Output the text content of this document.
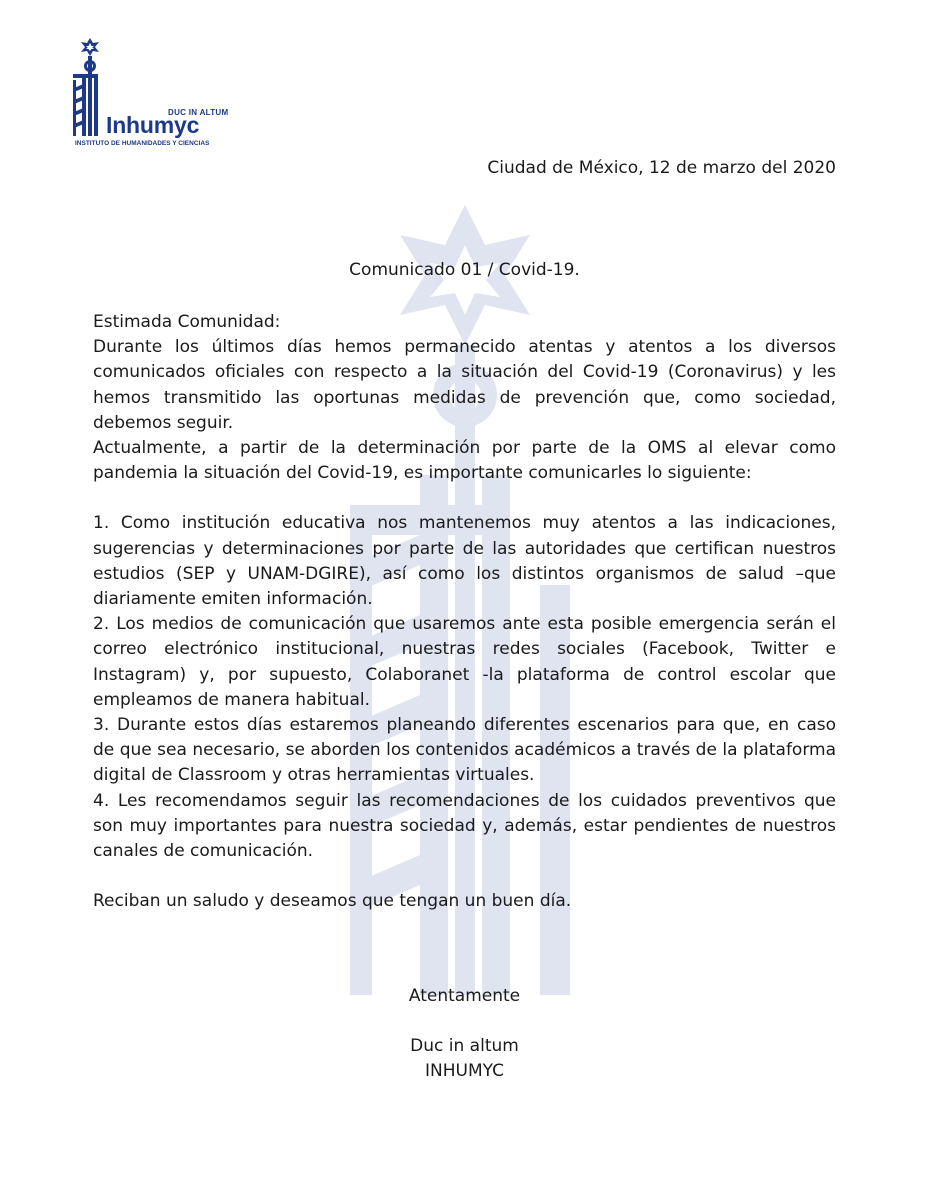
DUC IN ALTUM
Inhumyc
INSTITUTO DE HUMANIDADES Y CIENCIAS
Ciudad de México, 12 de marzo del 2020
Comunicado 01 / Covid-19.

Estimada Comunidad:

Durante los últimos días hemos permanecido atentas y atentos a los diversos comunicados oficiales con respecto a la situación del Covid-19 (Coronavirus) y les hemos transmitido las oportunas medidas de prevención que, como sociedad, debemos seguir.

Actualmente, a partir de la determinación por parte de la OMS al elevar como pandemia la situación del Covid-19, es importante comunicarles lo siguiente:

1. Como institución educativa nos mantenemos muy atentos a las indicaciones, sugerencias y determinaciones por parte de las autoridades que certifican nuestros estudios (SEP y UNAM-DGIRE), así como los distintos organismos de salud –que diariamente emiten información.

2. Los medios de comunicación que usaremos ante esta posible emergencia serán el correo electrónico institucional, nuestras redes sociales (Facebook, Twitter e Instagram) y, por supuesto, Colaboranet -la plataforma de control escolar que empleamos de manera habitual.

3. Durante estos días estaremos planeando diferentes escenarios para que, en caso de que sea necesario, se aborden los contenidos académicos a través de la plataforma digital de Classroom y otras herramientas virtuales.

4. Les recomendamos seguir las recomendaciones de los cuidados preventivos que son muy importantes para nuestra sociedad y, además, estar pendientes de nuestros canales de comunicación.

Reciban un saludo y deseamos que tengan un buen día.

Atentamente
Duc in altum
INHUMYC
